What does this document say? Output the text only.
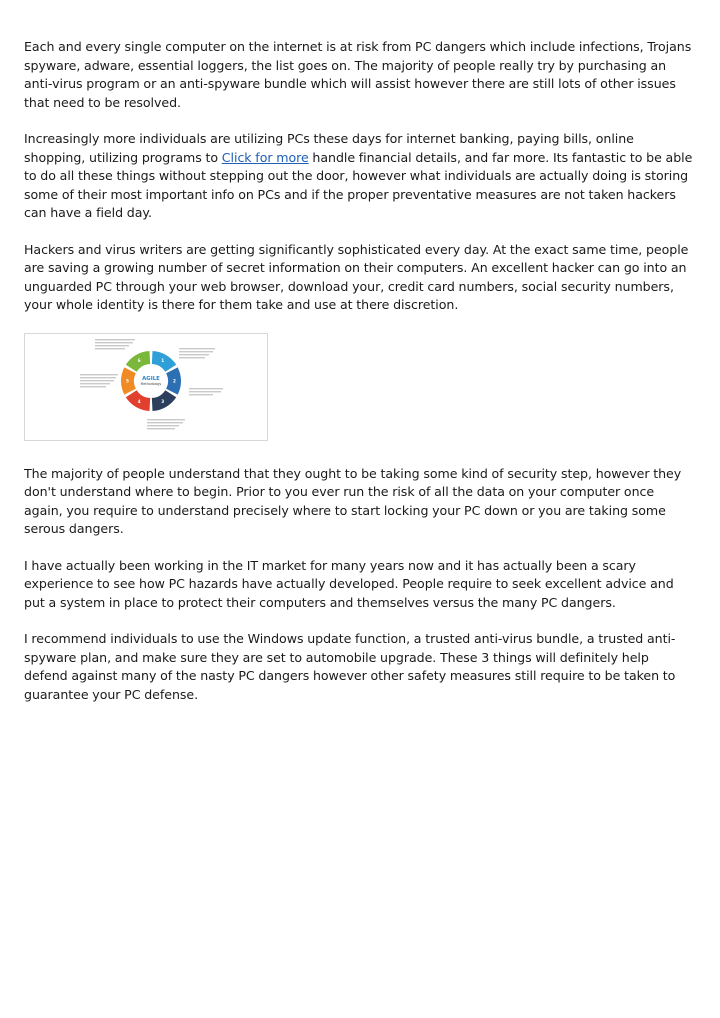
Each and every single computer on the internet is at risk from PC dangers which include infections, Trojans spyware, adware, essential loggers, the list goes on. The majority of people really try by purchasing an anti-virus program or an anti-spyware bundle which will assist however there are still lots of other issues that need to be resolved.

Increasingly more individuals are utilizing PCs these days for internet banking, paying bills, online shopping, utilizing programs to Click for more handle financial details, and far more. Its fantastic to be able to do all these things without stepping out the door, however what individuals are actually doing is storing some of their most important info on PCs and if the proper preventative measures are not taken hackers can have a field day.

Hackers and virus writers are getting significantly sophisticated every day. At the exact same time, people are saving a growing number of secret information on their computers. An excellent hacker can go into an unguarded PC through your web browser, download your, credit card numbers, social security numbers, your whole identity is there for them take and use at there discretion.

1
2
3
4
5
6
AGILE
Methodology

The majority of people understand that they ought to be taking some kind of security step, however they don't understand where to begin. Prior to you ever run the risk of all the data on your computer once again, you require to understand precisely where to start locking your PC down or you are taking some serous dangers.

I have actually been working in the IT market for many years now and it has actually been a scary experience to see how PC hazards have actually developed. People require to seek excellent advice and put a system in place to protect their computers and themselves versus the many PC dangers.

I recommend individuals to use the Windows update function, a trusted anti-virus bundle, a trusted anti-spyware plan, and make sure they are set to automobile upgrade. These 3 things will definitely help defend against many of the nasty PC dangers however other safety measures still require to be taken to guarantee your PC defense.
